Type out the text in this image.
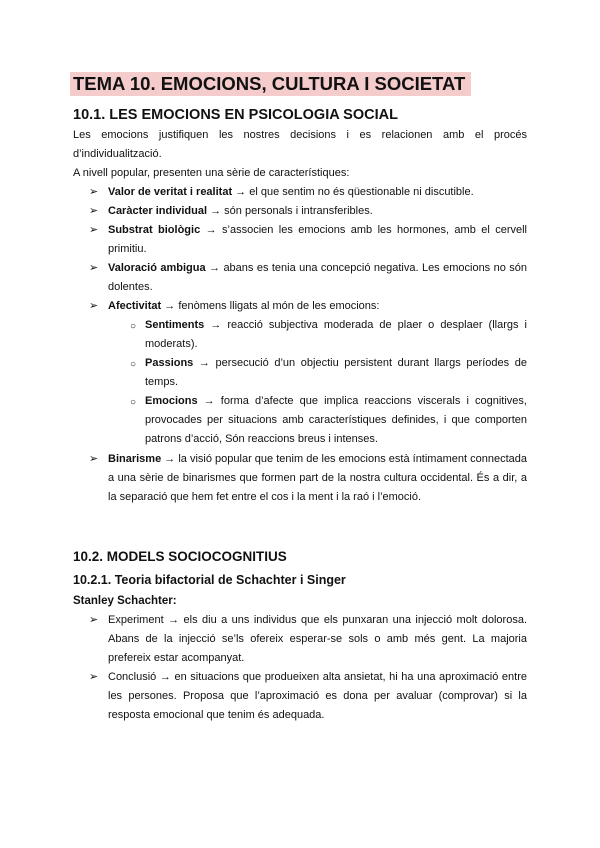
TEMA 10. EMOCIONS, CULTURA I SOCIETAT
10.1. LES EMOCIONS EN PSICOLOGIA SOCIAL
Les emocions justifiquen les nostres decisions i es relacionen amb el procés d’individualització.
A nivell popular, presenten una sèrie de característiques:
➢ Valor de veritat i realitat → el que sentim no és qüestionable ni discutible.
➢ Caràcter individual → són personals i intransferibles.
➢ Substrat biològic → s’associen les emocions amb les hormones, amb el cervell primitiu.
➢ Valoració ambigua → abans es tenia una concepció negativa. Les emocions no són dolentes.
➢ Afectivitat → fenòmens lligats al món de les emocions:
○ Sentiments → reacció subjectiva moderada de plaer o desplaer (llargs i moderats).
○ Passions → persecució d’un objectiu persistent durant llargs períodes de temps.
○ Emocions → forma d’afecte que implica reaccions viscerals i cognitives, provocades per situacions amb característiques definides, i que comporten patrons d’acció, Són reaccions breus i intenses.
➢ Binarisme → la visió popular que tenim de les emocions està íntimament connectada a una sèrie de binarismes que formen part de la nostra cultura occidental. És a dir, a la separació que hem fet entre el cos i la ment i la raó i l’emoció.
10.2. MODELS SOCIOCOGNITIUS
10.2.1. Teoria bifactorial de Schachter i Singer
Stanley Schachter:
➢ Experiment → els diu a uns individus que els punxaran una injecció molt dolorosa. Abans de la injecció se’ls ofereix esperar-se sols o amb més gent. La majoria prefereix estar acompanyat.
➢ Conclusió → en situacions que produeixen alta ansietat, hi ha una aproximació entre les persones. Proposa que l’aproximació es dona per avaluar (comprovar) si la resposta emocional que tenim és adequada.
